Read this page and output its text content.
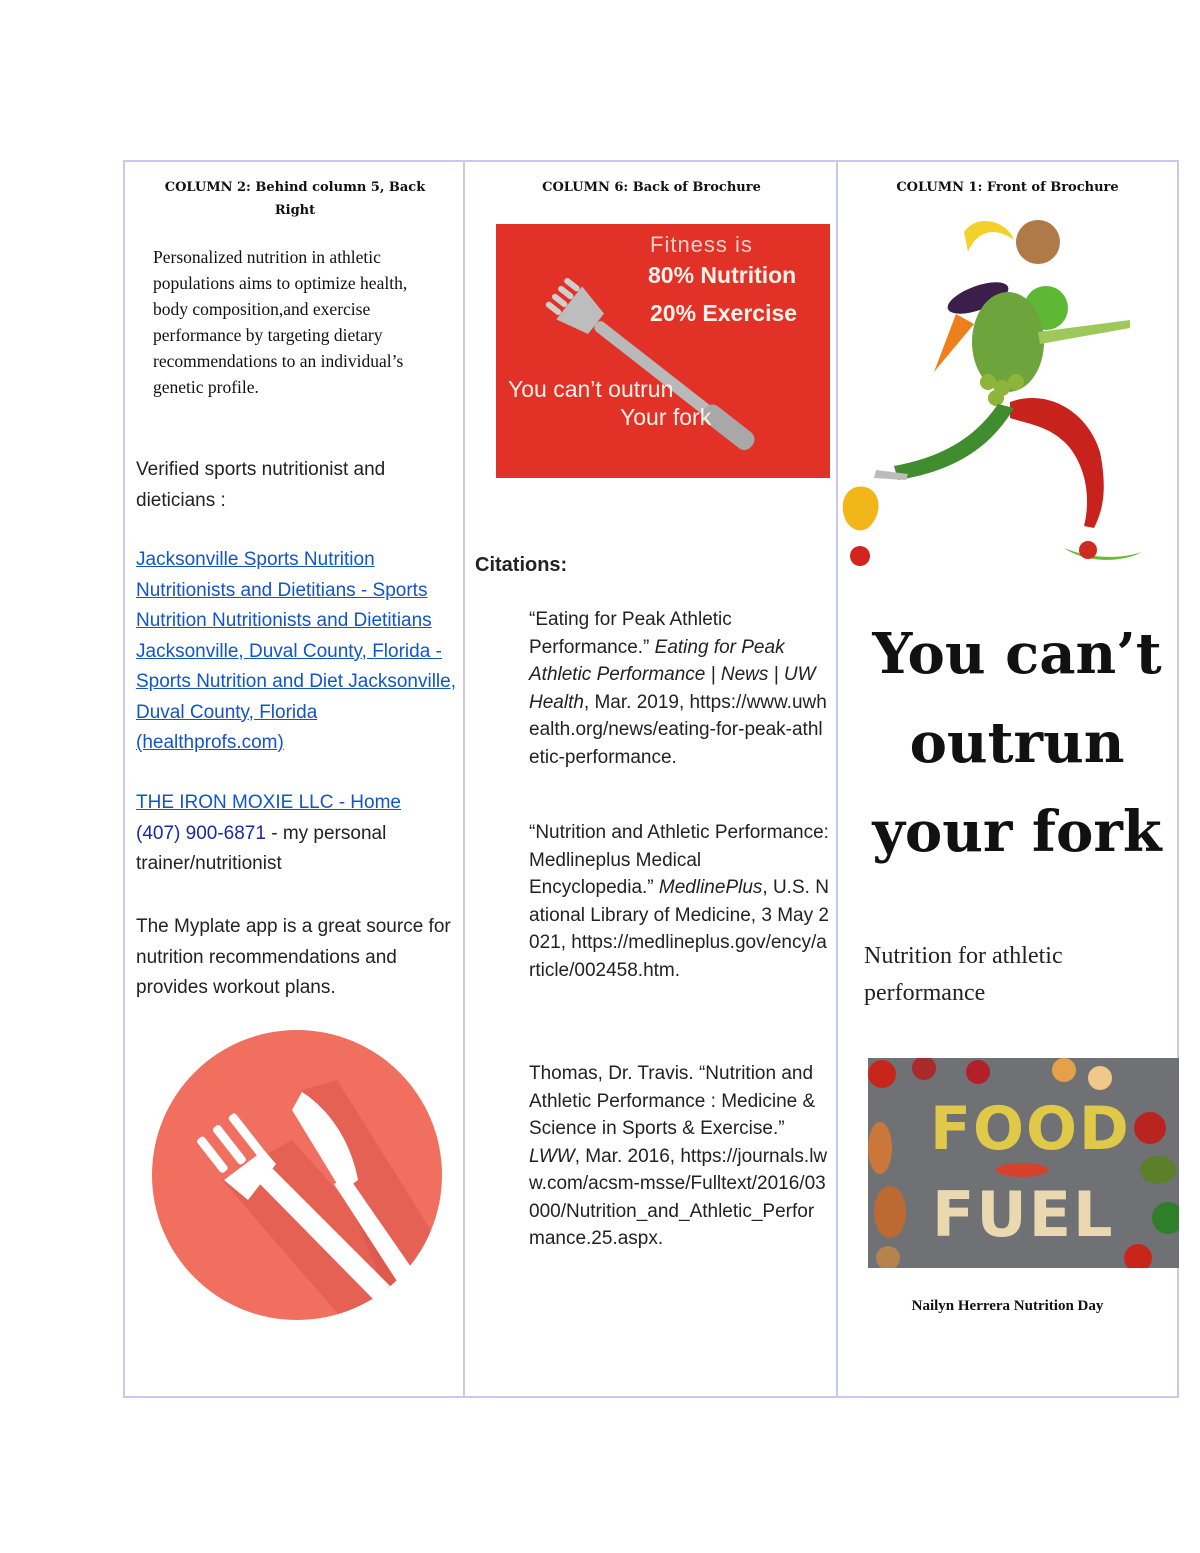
COLUMN 2: Behind column 5, Back Right
Personalized nutrition in athletic populations aims to optimize health, body composition,and exercise performance by targeting dietary recommendations to an individual’s genetic profile.
Verified sports nutritionist and dieticians :
Jacksonville Sports Nutrition Nutritionists and Dietitians - Sports Nutrition Nutritionists and Dietitians Jacksonville, Duval County, Florida - Sports Nutrition and Diet Jacksonville, Duval County, Florida (healthprofs.com)
THE IRON MOXIE LLC - Home
(407) 900-6871 - my personal trainer/nutritionist
The Myplate app is a great source for nutrition recommendations and provides workout plans.
COLUMN 6: Back of Brochure
Fitness is
80% Nutrition
20% Exercise
You can’t outrun
Your fork
Citations:
“Eating for Peak Athletic Performance.” Eating for Peak Athletic Performance | News | UW Health, Mar. 2019, https://www.uwhealth.org/news/eating-for-peak-athletic-performance.
“Nutrition and Athletic Performance: Medlineplus Medical Encyclopedia.” MedlinePlus, U.S. National Library of Medicine, 3 May 2021, https://medlineplus.gov/ency/article/002458.htm.
Thomas, Dr. Travis. “Nutrition and Athletic Performance : Medicine & Science in Sports & Exercise.” LWW, Mar. 2016, https://journals.lww.com/acsm-msse/Fulltext/2016/03000/Nutrition_and_Athletic_Performance.25.aspx.
COLUMN 1: Front of Brochure
You can’t outrun your fork
Nutrition for athletic performance
FOOD
FUEL
Nailyn Herrera Nutrition Day
